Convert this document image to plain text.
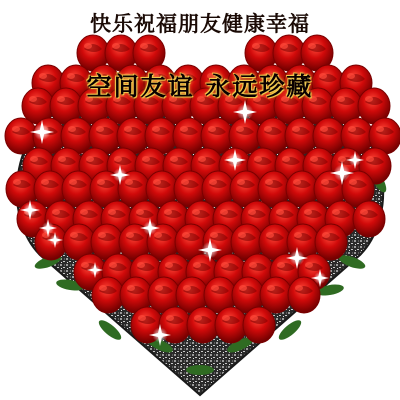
快乐祝福朋友健康幸福
空间友谊 永远珍藏
